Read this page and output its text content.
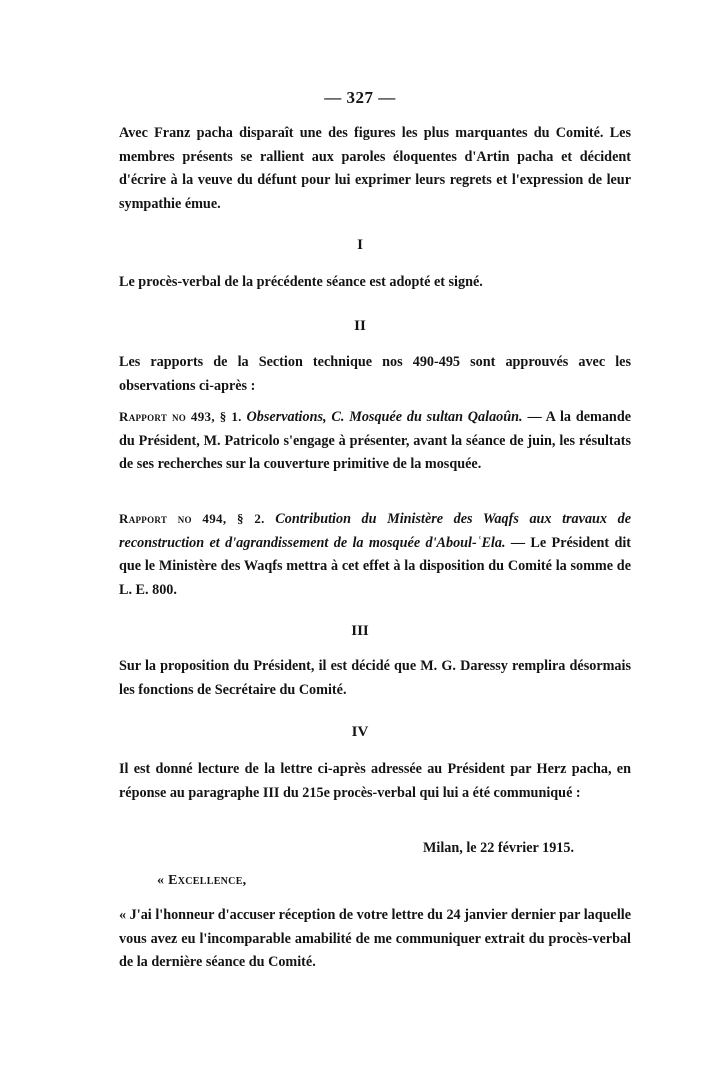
— 327 —

Avec Franz pacha disparaît une des figures les plus marquantes du Comité. Les membres présents se rallient aux paroles éloquentes d'Artin pacha et décident d'écrire à la veuve du défunt pour lui exprimer leurs regrets et l'expression de leur sympathie émue.

I

Le procès-verbal de la précédente séance est adopté et signé.

II

Les rapports de la Section technique nos 490-495 sont approuvés avec les observations ci-après :

Rapport no 493, § 1. Observations, C. Mosquée du sultan Qalaoûn. — A la demande du Président, M. Patricolo s'engage à présenter, avant la séance de juin, les résultats de ses recherches sur la couverture primitive de la mosquée.

Rapport no 494, § 2. Contribution du Ministère des Waqfs aux travaux de reconstruction et d'agrandissement de la mosquée d'Aboul-ʿEla. — Le Président dit que le Ministère des Waqfs mettra à cet effet à la disposition du Comité la somme de L. E. 800.

III

Sur la proposition du Président, il est décidé que M. G. Daressy remplira désormais les fonctions de Secrétaire du Comité.

IV

Il est donné lecture de la lettre ci-après adressée au Président par Herz pacha, en réponse au paragraphe III du 215e procès-verbal qui lui a été communiqué :

Milan, le 22 février 1915.
« Excellence,

« J'ai l'honneur d'accuser réception de votre lettre du 24 janvier dernier par laquelle vous avez eu l'incomparable amabilité de me communiquer extrait du procès-verbal de la dernière séance du Comité.
